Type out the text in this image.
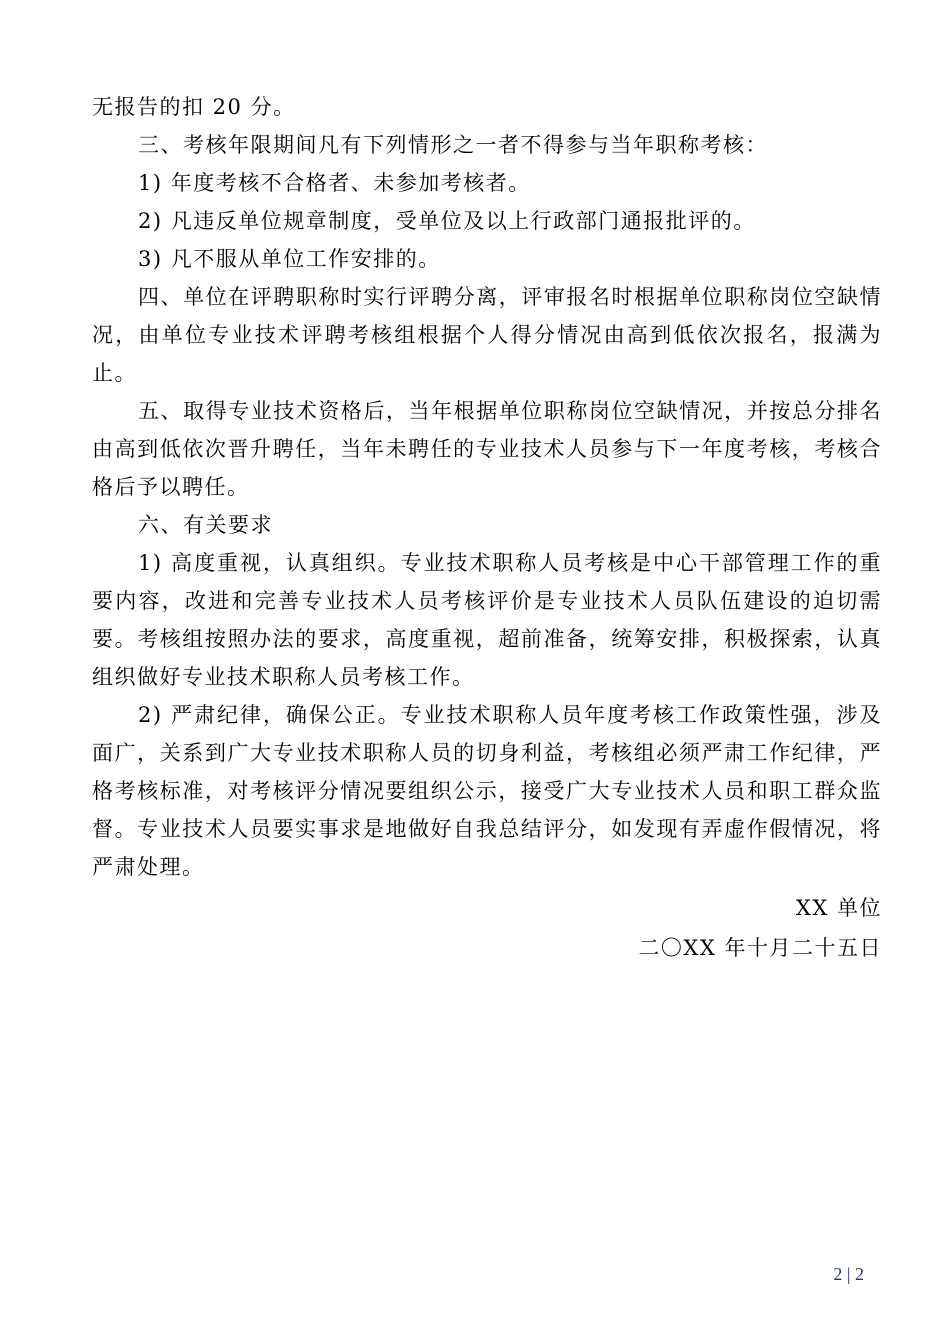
无报告的扣 20 分。

三、考核年限期间凡有下列情形之一者不得参与当年职称考核：

1) 年度考核不合格者、未参加考核者。

2) 凡违反单位规章制度，受单位及以上行政部门通报批评的。

3) 凡不服从单位工作安排的。

四、单位在评聘职称时实行评聘分离，评审报名时根据单位职称岗位空缺情况，由单位专业技术评聘考核组根据个人得分情况由高到低依次报名，报满为止。

五、取得专业技术资格后，当年根据单位职称岗位空缺情况，并按总分排名由高到低依次晋升聘任，当年未聘任的专业技术人员参与下一年度考核，考核合格后予以聘任。

六、有关要求

1) 高度重视，认真组织。专业技术职称人员考核是中心干部管理工作的重要内容，改进和完善专业技术人员考核评价是专业技术人员队伍建设的迫切需要。考核组按照办法的要求，高度重视，超前准备，统筹安排，积极探索，认真组织做好专业技术职称人员考核工作。

2) 严肃纪律，确保公正。专业技术职称人员年度考核工作政策性强，涉及面广，关系到广大专业技术职称人员的切身利益，考核组必须严肃工作纪律，严格考核标准，对考核评分情况要组织公示，接受广大专业技术人员和职工群众监督。专业技术人员要实事求是地做好自我总结评分，如发现有弄虚作假情况，将严肃处理。

XX 单位
二〇XX 年十月二十五日
2 | 2
